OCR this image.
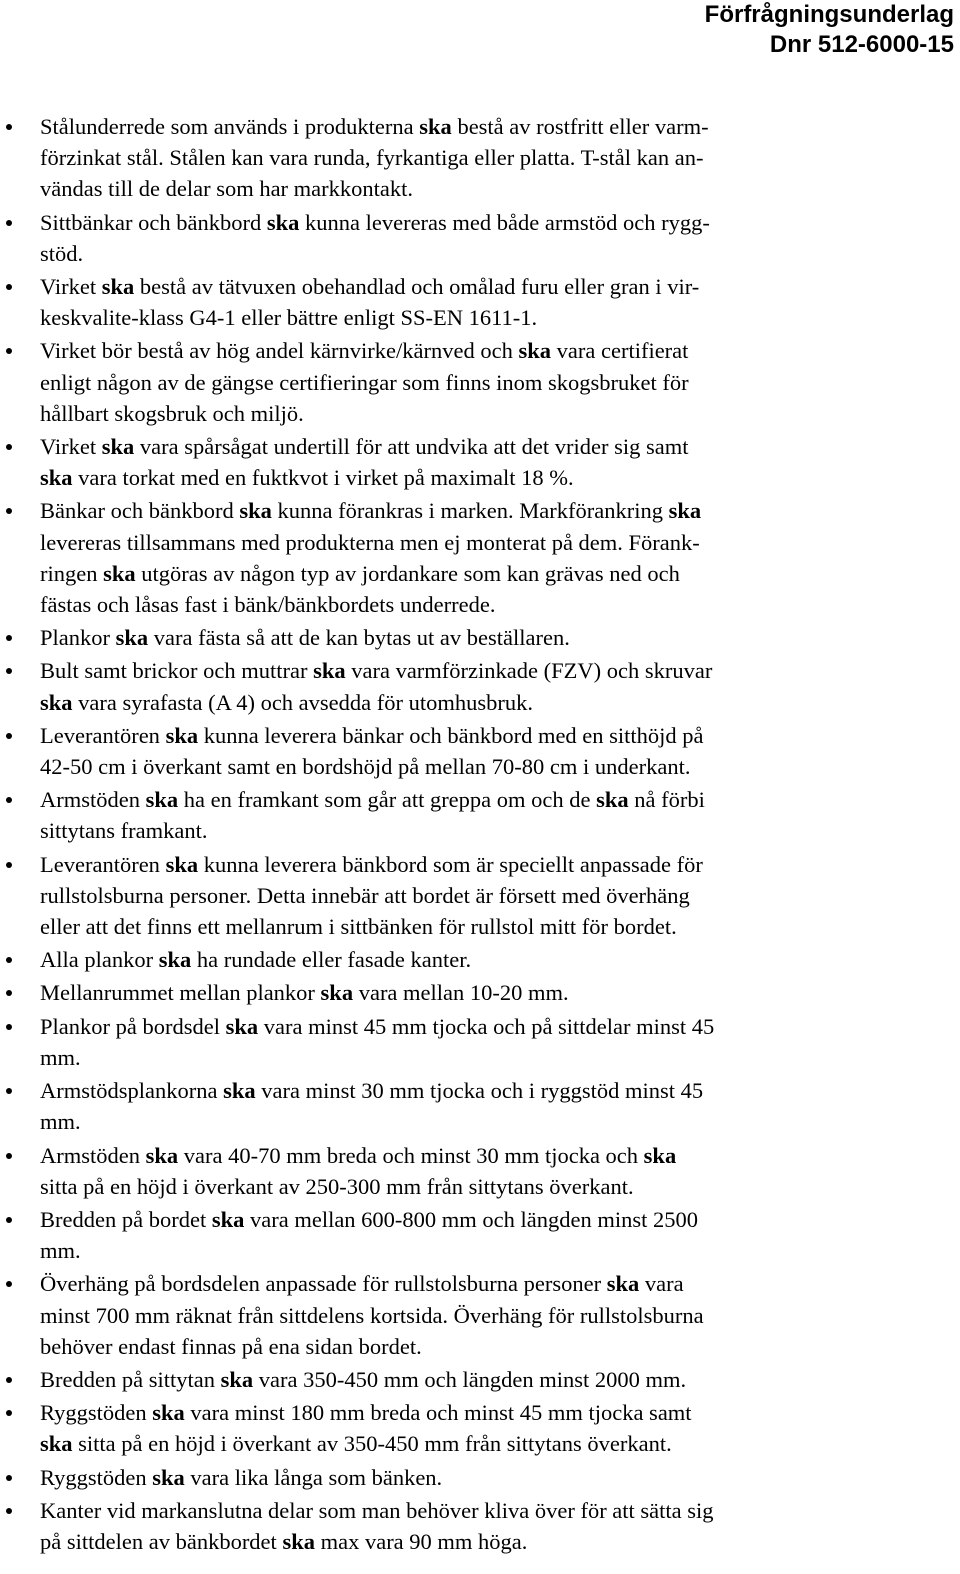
Förfrågningsunderlag
Dnr 512-6000-15
Stålunderrede som används i produkterna ska bestå av rostfritt eller varm-
förzinkat stål. Stålen kan vara runda, fyrkantiga eller platta. T-stål kan an-
vändas till de delar som har markkontakt.
Sittbänkar och bänkbord ska kunna levereras med både armstöd och rygg-
stöd.
Virket ska bestå av tätvuxen obehandlad och omålad furu eller gran i vir-
keskvalite-klass G4-1 eller bättre enligt SS-EN 1611-1.
Virket bör bestå av hög andel kärnvirke/kärnved och ska vara certifierat
enligt någon av de gängse certifieringar som finns inom skogsbruket för
hållbart skogsbruk och miljö.
Virket ska vara spårsågat undertill för att undvika att det vrider sig samt
ska vara torkat med en fuktkvot i virket på maximalt 18 %.
Bänkar och bänkbord ska kunna förankras i marken. Markförankring ska
levereras tillsammans med produkterna men ej monterat på dem. Förank-
ringen ska utgöras av någon typ av jordankare som kan grävas ned och
fästas och låsas fast i bänk/bänkbordets underrede.
Plankor ska vara fästa så att de kan bytas ut av beställaren.
Bult samt brickor och muttrar ska vara varmförzinkade (FZV) och skruvar
ska vara syrafasta (A 4) och avsedda för utomhusbruk.
Leverantören ska kunna leverera bänkar och bänkbord med en sitthöjd på
42-50 cm i överkant samt en bordshöjd på mellan 70-80 cm i underkant.
Armstöden ska ha en framkant som går att greppa om och de ska nå förbi
sittytans framkant.
Leverantören ska kunna leverera bänkbord som är speciellt anpassade för
rullstolsburna personer. Detta innebär att bordet är försett med överhäng
eller att det finns ett mellanrum i sittbänken för rullstol mitt för bordet.
Alla plankor ska ha rundade eller fasade kanter.
Mellanrummet mellan plankor ska vara mellan 10-20 mm.
Plankor på bordsdel ska vara minst 45 mm tjocka och på sittdelar minst 45
mm.
Armstödsplankorna ska vara minst 30 mm tjocka och i ryggstöd minst 45
mm.
Armstöden ska vara 40-70 mm breda och minst 30 mm tjocka och ska
sitta på en höjd i överkant av 250-300 mm från sittytans överkant.
Bredden på bordet ska vara mellan 600-800 mm och längden minst 2500
mm.
Överhäng på bordsdelen anpassade för rullstolsburna personer ska vara
minst 700 mm räknat från sittdelens kortsida. Överhäng för rullstolsburna
behöver endast finnas på ena sidan bordet.
Bredden på sittytan ska vara 350-450 mm och längden minst 2000 mm.
Ryggstöden ska vara minst 180 mm breda och minst 45 mm tjocka samt
ska sitta på en höjd i överkant av 350-450 mm från sittytans överkant.
Ryggstöden ska vara lika långa som bänken.
Kanter vid markanslutna delar som man behöver kliva över för att sätta sig
på sittdelen av bänkbordet ska max vara 90 mm höga.
